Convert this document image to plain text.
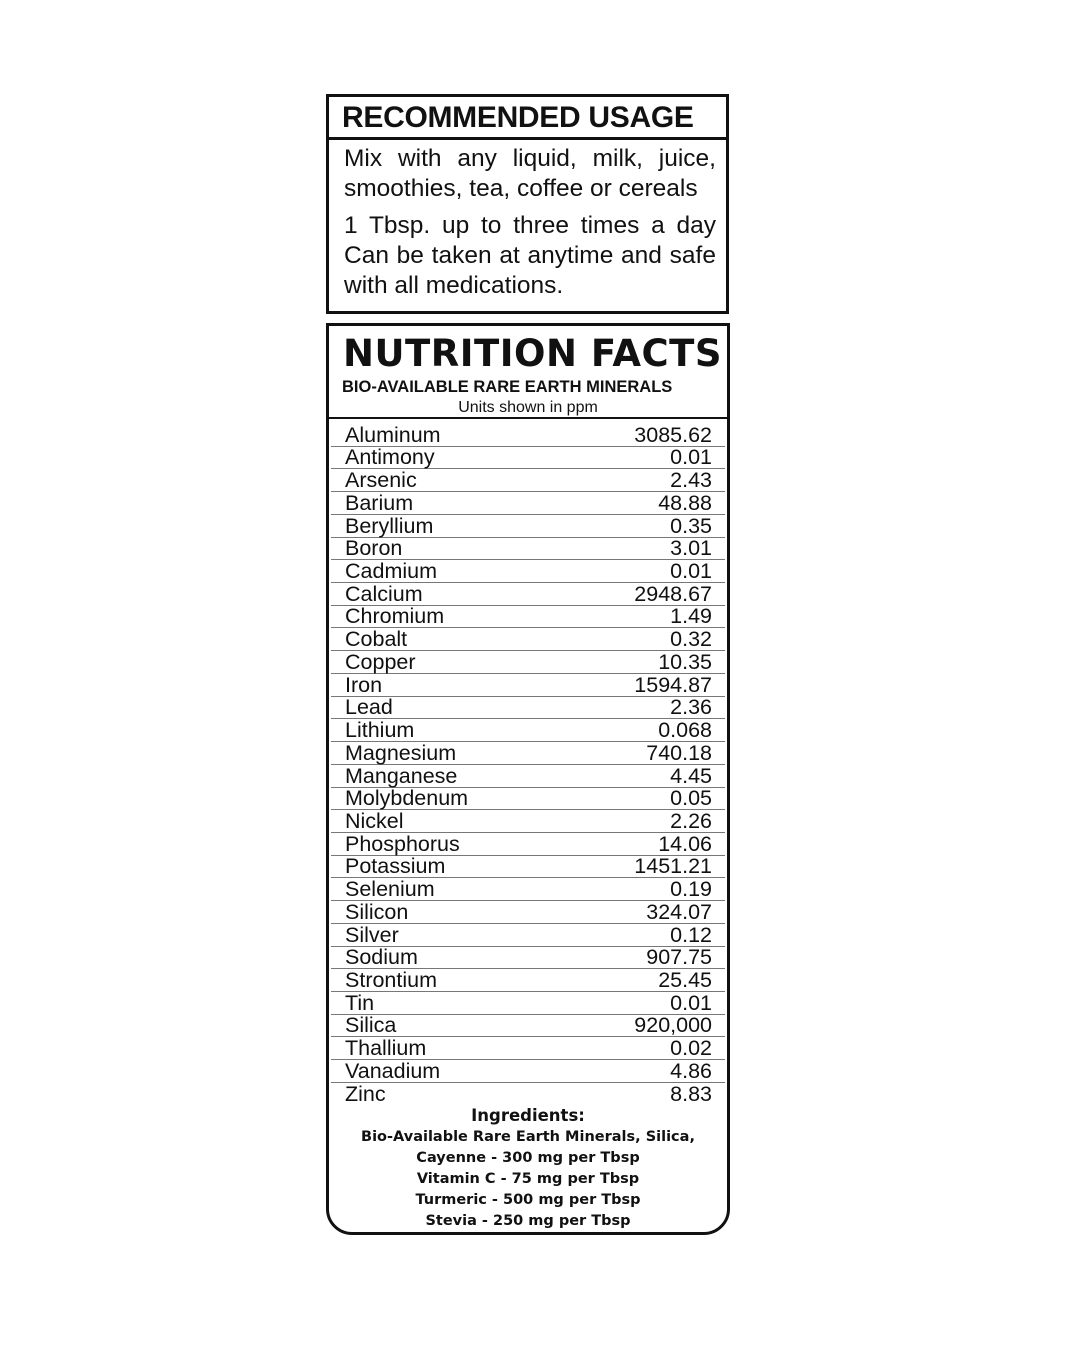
RECOMMENDED USAGE

Mix with any liquid, milk, juice, smoothies, tea, coffee or cereals

1 Tbsp. up to three times a day Can be taken at anytime and safe with all medications.

NUTRITION FACTS
BIO-AVAILABLE RARE EARTH MINERALS
Units shown in ppm
Aluminum	3085.62
Antimony	0.01
Arsenic	2.43
Barium	48.88
Beryllium	0.35
Boron	3.01
Cadmium	0.01
Calcium	2948.67
Chromium	1.49
Cobalt	0.32
Copper	10.35
Iron	1594.87
Lead	2.36
Lithium	0.068
Magnesium	740.18
Manganese	4.45
Molybdenum	0.05
Nickel	2.26
Phosphorus	14.06
Potassium	1451.21
Selenium	0.19
Silicon	324.07
Silver	0.12
Sodium	907.75
Strontium	25.45
Tin	0.01
Silica	920,000
Thallium	0.02
Vanadium	4.86
Zinc	8.83
Ingredients:
Bio-Available Rare Earth Minerals, Silica,
Cayenne - 300 mg per Tbsp
Vitamin C - 75 mg per Tbsp
Turmeric - 500 mg per Tbsp
Stevia - 250 mg per Tbsp
